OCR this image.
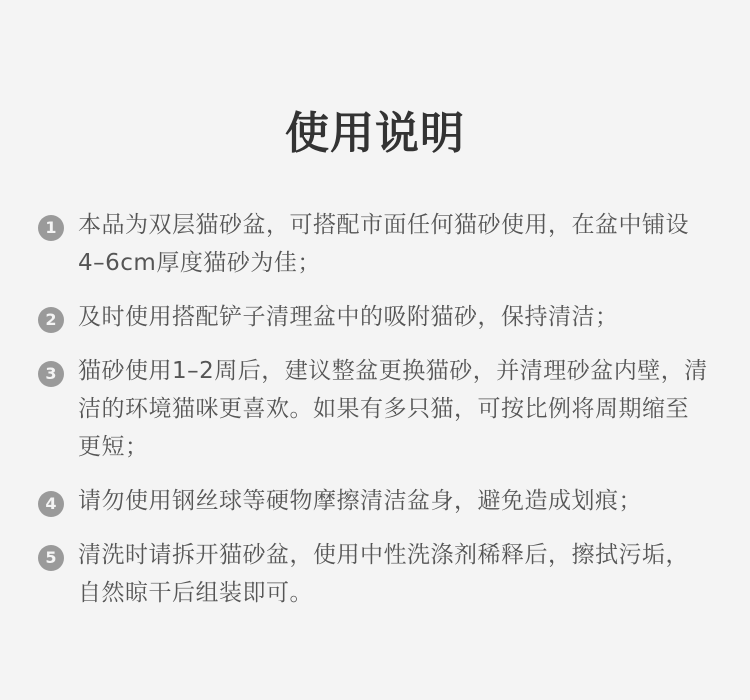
使用说明
1 本品为双层猫砂盆，可搭配市面任何猫砂使用，在盆中铺设4–6cm厚度猫砂为佳；
2 及时使用搭配铲子清理盆中的吸附猫砂，保持清洁；
3 猫砂使用1–2周后，建议整盆更换猫砂，并清理砂盆内壁，清洁的环境猫咪更喜欢。如果有多只猫，可按比例将周期缩至更短；
4 请勿使用钢丝球等硬物摩擦清洁盆身，避免造成划痕；
5 清洗时请拆开猫砂盆，使用中性洗涤剂稀释后，擦拭污垢，自然晾干后组装即可。
